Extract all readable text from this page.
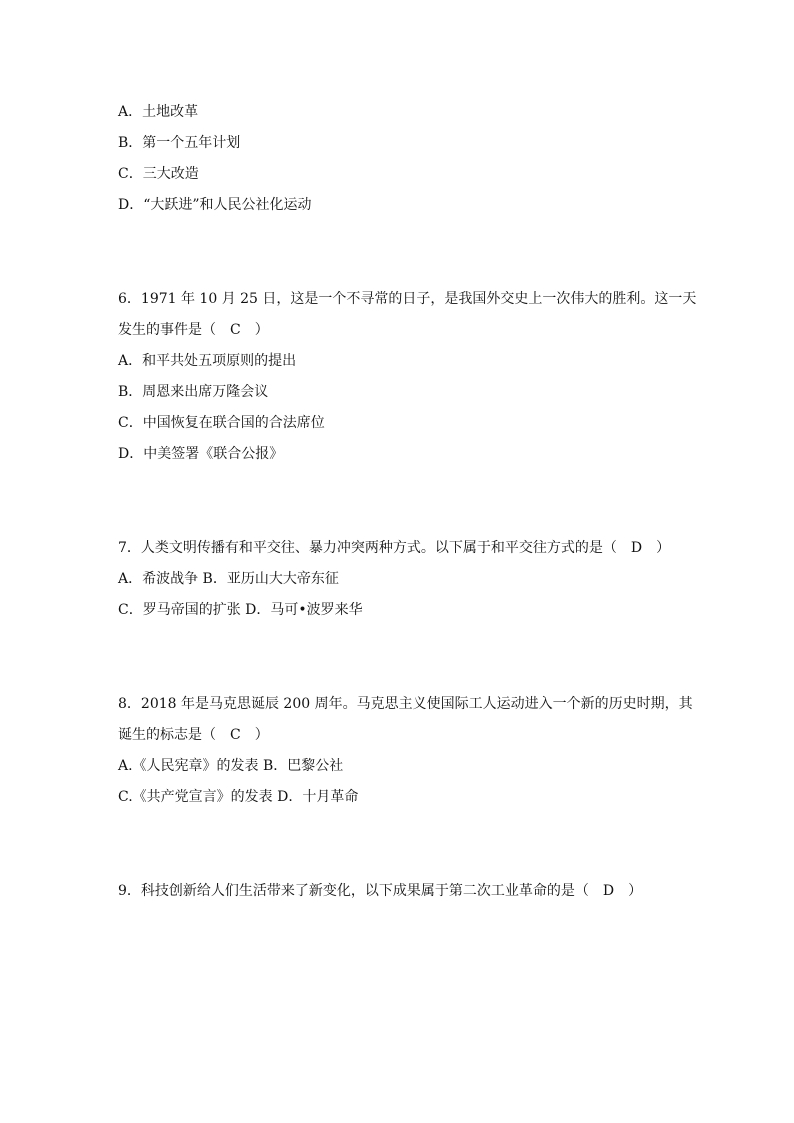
A．土地改革
B．第一个五年计划
C．三大改造
D．“大跃进”和人民公社化运动
6．1971 年 10 月 25 日，这是一个不寻常的日子，是我国外交史上一次伟大的胜利。这一天
发生的事件是（　C　）
A．和平共处五项原则的提出
B．周恩来出席万隆会议
C．中国恢复在联合国的合法席位
D．中美签署《联合公报》
7．人类文明传播有和平交往、暴力冲突两种方式。以下属于和平交往方式的是（　D　）
A．希波战争 B．亚历山大大帝东征
C．罗马帝国的扩张 D．马可•波罗来华
8．2018 年是马克思诞辰 200 周年。马克思主义使国际工人运动进入一个新的历史时期，其
诞生的标志是（　C　）
A.《人民宪章》的发表 B．巴黎公社
C.《共产党宣言》的发表 D．十月革命
9．科技创新给人们生活带来了新变化，以下成果属于第二次工业革命的是（　D　）
